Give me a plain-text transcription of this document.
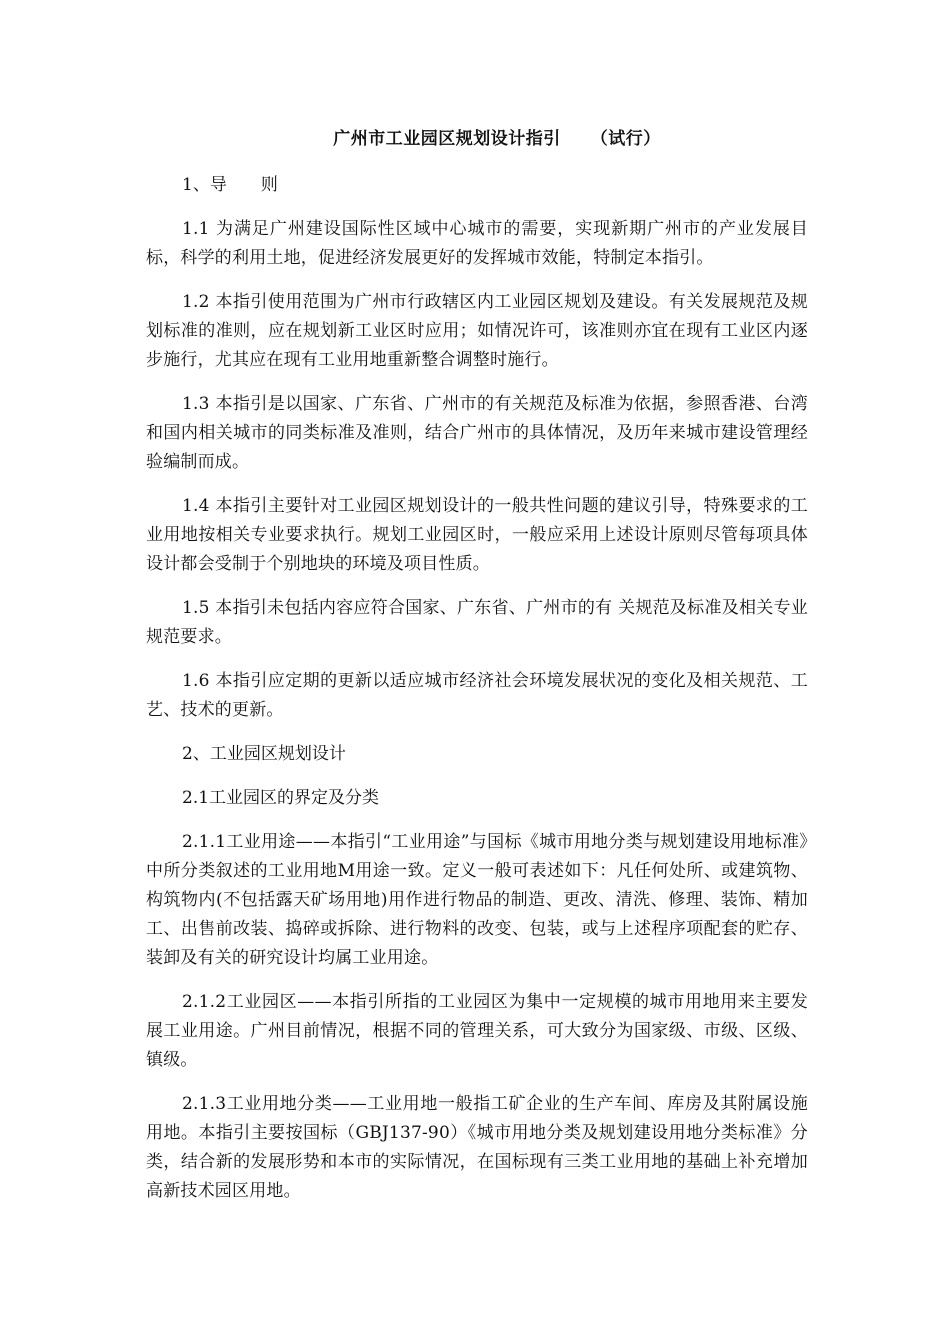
广州市工业园区规划设计指引 （试行）
1、导　　则

1.1 为满足广州建设国际性区域中心城市的需要，实现新期广州市的产业发展目标，科学的利用土地，促进经济发展更好的发挥城市效能，特制定本指引。

1.2 本指引使用范围为广州市行政辖区内工业园区规划及建设。有关发展规范及规划标准的准则，应在规划新工业区时应用；如情况许可，该准则亦宜在现有工业区内逐步施行，尤其应在现有工业用地重新整合调整时施行。

1.3 本指引是以国家、广东省、广州市的有关规范及标准为依据，参照香港、台湾和国内相关城市的同类标准及准则，结合广州市的具体情况，及历年来城市建设管理经验编制而成。

1.4 本指引主要针对工业园区规划设计的一般共性问题的建议引导，特殊要求的工业用地按相关专业要求执行。规划工业园区时，一般应采用上述设计原则尽管每项具体设计都会受制于个别地块的环境及项目性质。

1.5 本指引未包括内容应符合国家、广东省、广州市的有 关规范及标准及相关专业规范要求。

1.6 本指引应定期的更新以适应城市经济社会环境发展状况的变化及相关规范、工艺、技术的更新。

2、工业园区规划设计
2.1工业园区的界定及分类

2.1.1工业用途——本指引“工业用途”与国标《城市用地分类与规划建设用地标准》中所分类叙述的工业用地M用途一致。定义一般可表述如下：凡任何处所、或建筑物、构筑物内(不包括露天矿场用地)用作进行物品的制造、更改、清洗、修理、装饰、精加工、出售前改装、捣碎或拆除、进行物料的改变、包装，或与上述程序项配套的贮存、装卸及有关的研究设计均属工业用途。

2.1.2工业园区——本指引所指的工业园区为集中一定规模的城市用地用来主要发展工业用途。广州目前情况，根据不同的管理关系，可大致分为国家级、市级、区级、镇级。

2.1.3工业用地分类——工业用地一般指工矿企业的生产车间、库房及其附属设施用地。本指引主要按国标（GBJ137-90）《城市用地分类及规划建设用地分类标准》分类，结合新的发展形势和本市的实际情况，在国标现有三类工业用地的基础上补充增加高新技术园区用地。
